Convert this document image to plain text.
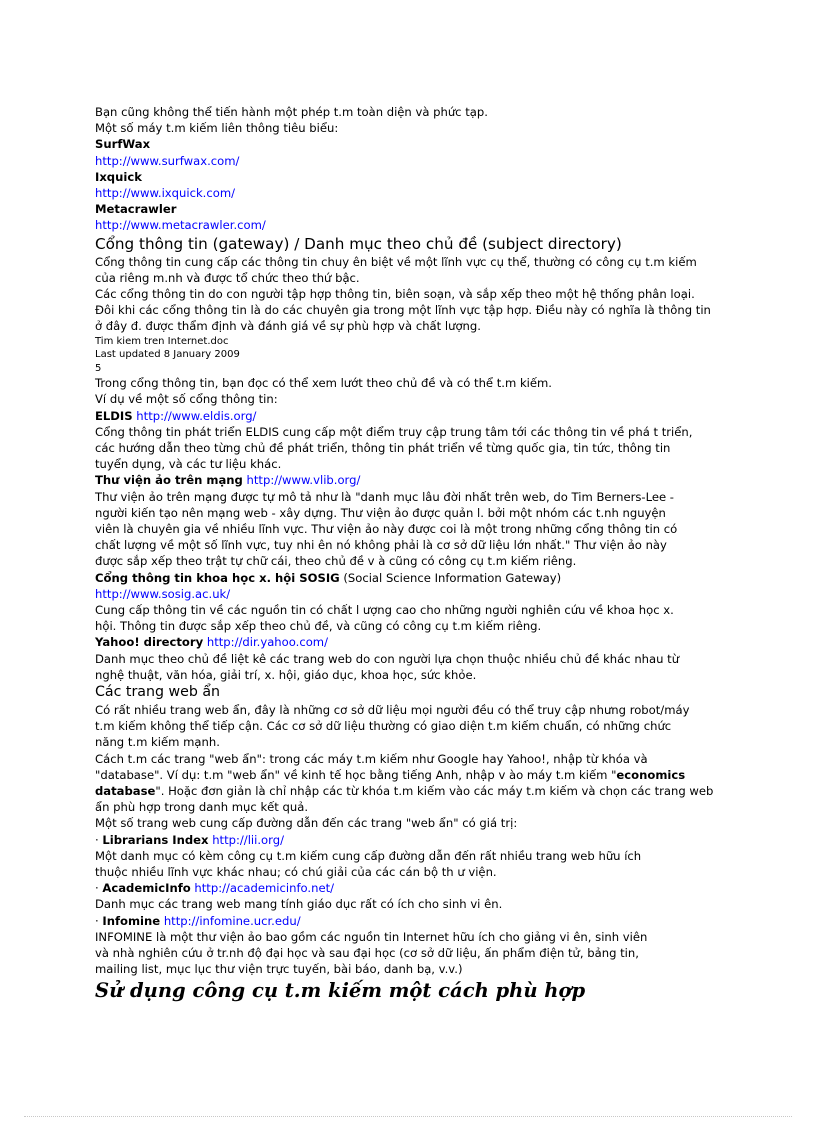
Bạn cũng không thể tiến hành một phép t.m toàn diện và phức tạp.
Một số máy t.m kiếm liên thông tiêu biểu:
SurfWax
http://www.surfwax.com/
Ixquick
http://www.ixquick.com/
Metacrawler
http://www.metacrawler.com/
Cổng thông tin (gateway) / Danh mục theo chủ đề (subject directory)
Cổng thông tin cung cấp các thông tin chuy ên biệt về một lĩnh vực cụ thể, thường có công cụ t.m kiếm
của riêng m.nh và được tổ chức theo thứ bậc.
Các cổng thông tin do con người tập hợp thông tin, biên soạn, và sắp xếp theo một hệ thống phân loại.
Đôi khi các cổng thông tin là do các chuyên gia trong một lĩnh vực tập hợp. Điều này có nghĩa là thông tin
ở đây đ. được thẩm định và đánh giá về sự phù hợp và chất lượng.
Tim kiem tren Internet.doc
Last updated 8 January 2009
5
Trong cổng thông tin, bạn đọc có thể xem lướt theo chủ đề và có thể t.m kiếm.
Ví dụ về một số cổng thông tin:
ELDIS http://www.eldis.org/
Cổng thông tin phát triển ELDIS cung cấp một điểm truy cập trung tâm tới các thông tin về phá t triển,
các hướng dẫn theo từng chủ đề phát triển, thông tin phát triển về từng quốc gia, tin tức, thông tin
tuyển dụng, và các tư liệu khác.
Thư viện ảo trên mạng http://www.vlib.org/
Thư viện ảo trên mạng được tự mô tả như là "danh mục lâu đời nhất trên web, do Tim Berners-Lee -
người kiến tạo nên mạng web - xây dựng. Thư viện ảo được quản l. bởi một nhóm các t.nh nguyện
viên là chuyên gia về nhiều lĩnh vực. Thư viện ảo này được coi là một trong những cổng thông tin có
chất lượng về một số lĩnh vực, tuy nhi ên nó không phải là cơ sở dữ liệu lớn nhất." Thư viện ảo này
được sắp xếp theo trật tự chữ cái, theo chủ đề v à cũng có công cụ t.m kiếm riêng.
Cổng thông tin khoa học x. hội SOSIG (Social Science Information Gateway)
http://www.sosig.ac.uk/
Cung cấp thông tin về các nguồn tin có chất l ượng cao cho những người nghiên cứu về khoa học x.
hội. Thông tin được sắp xếp theo chủ đề, và cũng có công cụ t.m kiếm riêng.
Yahoo! directory http://dir.yahoo.com/
Danh mục theo chủ đề liệt kê các trang web do con người lựa chọn thuộc nhiều chủ đề khác nhau từ
nghệ thuật, văn hóa, giải trí, x. hội, giáo dục, khoa học, sức khỏe.
Các trang web ẩn
Có rất nhiều trang web ẩn, đây là những cơ sở dữ liệu mọi người đều có thể truy cập nhưng robot/máy
t.m kiếm không thể tiếp cận. Các cơ sở dữ liệu thường có giao diện t.m kiếm chuẩn, có những chức
năng t.m kiếm mạnh.
Cách t.m các trang "web ẩn": trong các máy t.m kiếm như Google hay Yahoo!, nhập từ khóa và
"database". Ví dụ: t.m "web ẩn" về kinh tế học bằng tiếng Anh, nhập v ào máy t.m kiếm "economics
database". Hoặc đơn giản là chỉ nhập các từ khóa t.m kiếm vào các máy t.m kiếm và chọn các trang web
ẩn phù hợp trong danh mục kết quả.
Một số trang web cung cấp đường dẫn đến các trang "web ẩn" có giá trị:
· Librarians Index http://lii.org/
Một danh mục có kèm công cụ t.m kiếm cung cấp đường dẫn đến rất nhiều trang web hữu ích
thuộc nhiều lĩnh vực khác nhau; có chú giải của các cán bộ th ư viện.
· AcademicInfo http://academicinfo.net/
Danh mục các trang web mang tính giáo dục rất có ích cho sinh vi ên.
· Infomine http://infomine.ucr.edu/
INFOMINE là một thư viện ảo bao gồm các nguồn tin Internet hữu ích cho giảng vi ên, sinh viên
và nhà nghiên cứu ở tr.nh độ đại học và sau đại học (cơ sở dữ liệu, ấn phẩm điện tử, bảng tin,
mailing list, mục lục thư viện trực tuyến, bài báo, danh bạ, v.v.)
Sử dụng công cụ t.m kiếm một cách phù hợp
